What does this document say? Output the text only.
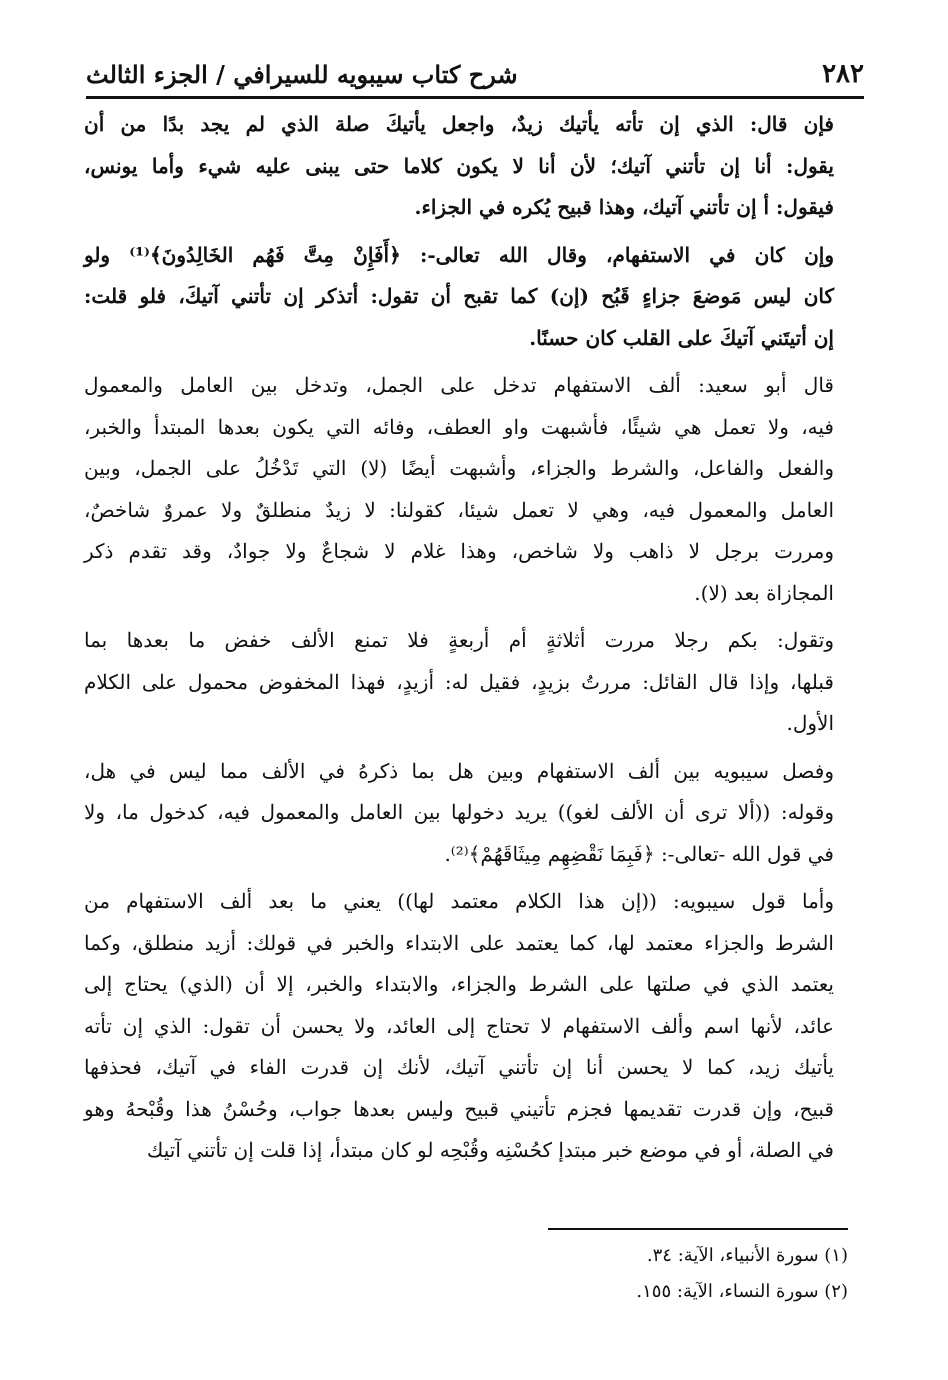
شرح كتاب سيبويه للسيرافي / الجزء الثالث	٢٨٢

فإن قال: الذي إن تأته يأتيك زيدٌ، واجعل يأتيكَ صلة الذي لم يجد بدًا من أن
يقول: أنا إن تأتني آتيك؛ لأن أنا لا يكون كلاما حتى يبنى عليه شيء وأما يونس،
فيقول: أ إن تأتني آتيك، وهذا قبيح يُكره في الجزاء.

وإن كان في الاستفهام، وقال الله تعالى-: ﴿أَفَإِنْ مِتَّ فَهُم الخَالِدُونَ﴾⁽¹⁾ ولو
كان ليس مَوضعَ جزاءٍ قَبُح (إن) كما تقبح أن تقول: أتذكر إن تأتني آتيكَ، فلو قلت:
إن أتيتَني آتيكَ على القلب كان حسنًا.

قال أبو سعيد: ألف الاستفهام تدخل على الجمل، وتدخل بين العامل والمعمول
فيه، ولا تعمل هي شيئًا، فأشبهت واو العطف، وفائه التي يكون بعدها المبتدأ والخبر،
والفعل والفاعل، والشرط والجزاء، وأشبهت أيضًا (لا) التي تَدْخُلُ على الجمل، وبين
العامل والمعمول فيه، وهي لا تعمل شيئا، كقولنا: لا زيدٌ منطلقٌ ولا عمروٌ شاخصٌ،
ومررت برجل لا ذاهب ولا شاخص، وهذا غلام لا شجاعٌ ولا جوادٌ، وقد تقدم ذكر
المجازاة بعد (لا).

وتقول: بكم رجلا مررت أثلاثةٍ أم أربعةٍ فلا تمنع الألف خفض ما بعدها بما
قبلها، وإذا قال القائل: مررتُ بزيدٍ، فقيل له: أزيدٍ، فهذا المخفوض محمول على الكلام
الأول.

وفصل سيبويه بين ألف الاستفهام وبين هل بما ذكرهُ في الألف مما ليس في هل،
وقوله: ((ألا ترى أن الألف لغو)) يريد دخولها بين العامل والمعمول فيه، كدخول ما، ولا
في قول الله -تعالى-: ﴿فَبِمَا نَقْضِهِم مِيثَاقَهُمْ﴾⁽²⁾.

وأما قول سيبويه: ((إن هذا الكلام معتمد لها)) يعني ما بعد ألف الاستفهام من
الشرط والجزاء معتمد لها، كما يعتمد على الابتداء والخبر في قولك: أزيد منطلق، وكما
يعتمد الذي في صلتها على الشرط والجزاء، والابتداء والخبر، إلا أن (الذي) يحتاج إلى
عائد، لأنها اسم وألف الاستفهام لا تحتاج إلى العائد، ولا يحسن أن تقول: الذي إن تأته
يأتيك زيد، كما لا يحسن أنا إن تأتني آتيك، لأنك إن قدرت الفاء في آتيك، فحذفها
قبيح، وإن قدرت تقديمها فجزم تأتيني قبيح وليس بعدها جواب، وحُسْنُ هذا وقُبْحهُ وهو
في الصلة، أو في موضع خبر مبتدإ كحُسْنِه وقُبْحِه لو كان مبتدأ، إذا قلت إن تأتني آتيك

(١) سورة الأنبياء، الآية: ٣٤.

(٢) سورة النساء، الآية: ١٥٥.
